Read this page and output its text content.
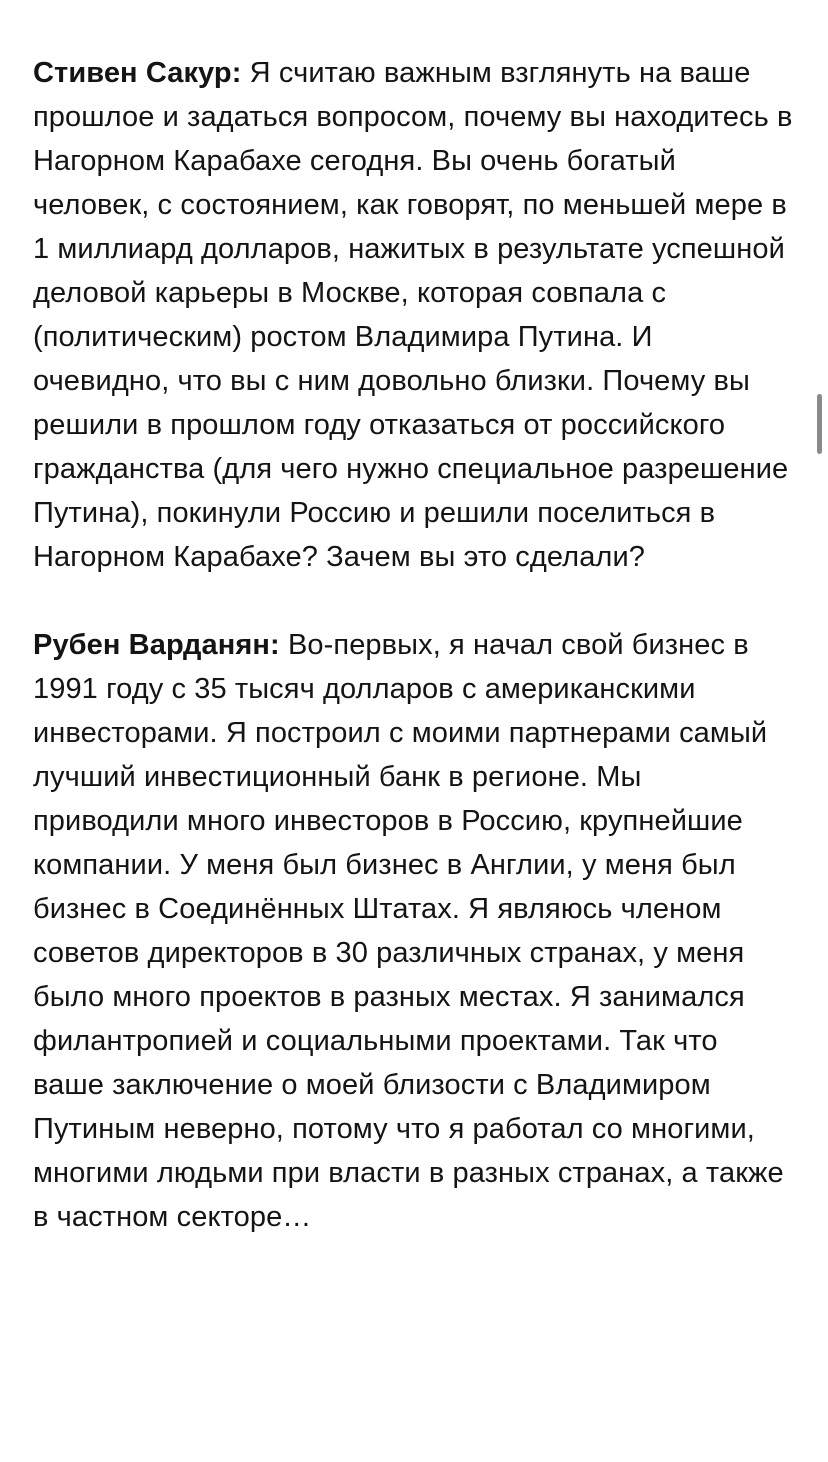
Стивен Сакур: Я считаю важным взглянуть на ваше прошлое и задаться вопросом, почему вы находитесь в Нагорном Карабахе сегодня. Вы очень богатый человек, с состоянием, как говорят, по меньшей мере в 1 миллиард долларов, нажитых в результате успешной деловой карьеры в Москве, которая совпала с (политическим) ростом Владимира Путина. И очевидно, что вы с ним довольно близки. Почему вы решили в прошлом году отказаться от российского гражданства (для чего нужно специальное разрешение Путина), покинули Россию и решили поселиться в Нагорном Карабахе? Зачем вы это сделали?

Рубен Варданян: Во-первых, я начал свой бизнес в 1991 году с 35 тысяч долларов с американскими инвесторами. Я построил с моими партнерами самый лучший инвестиционный банк в регионе. Мы приводили много инвесторов в Россию, крупнейшие компании. У меня был бизнес в Англии, у меня был бизнес в Соединённых Штатах. Я являюсь членом советов директоров в 30 различных странах, у меня было много проектов в разных местах. Я занимался филантропией и социальными проектами. Так что ваше заключение о моей близости с Владимиром Путиным неверно, потому что я работал со многими, многими людьми при власти в разных странах, а также в частном секторе…
